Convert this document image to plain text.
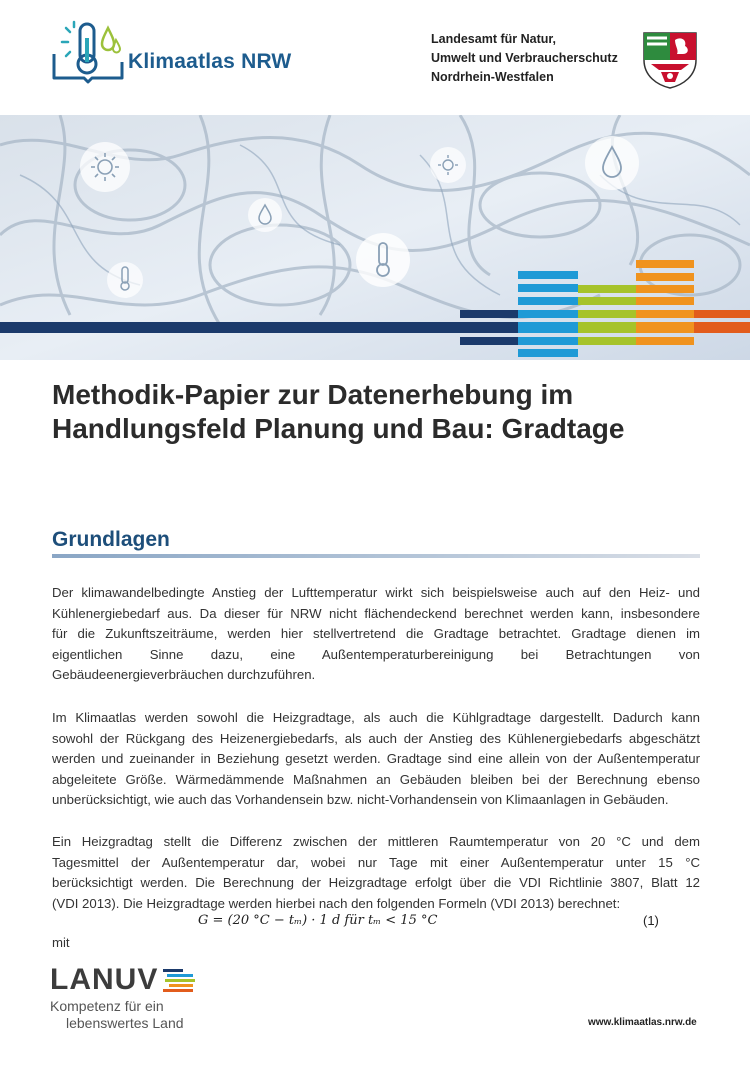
Klimaatlas NRW
Landesamt für Natur,
Umwelt und Verbraucherschutz
Nordrhein-Westfalen
Methodik-Papier zur Datenerhebung im
Handlungsfeld Planung und Bau: Gradtage
Grundlagen
Der klimawandelbedingte Anstieg der Lufttemperatur wirkt sich beispielsweise auch auf den Heiz- und
Kühlenergiebedarf aus. Da dieser für NRW nicht flächendeckend berechnet werden kann, insbesondere
für die Zukunftszeiträume, werden hier stellvertretend die Gradtage betrachtet. Gradtage dienen im
eigentlichen Sinne dazu, eine Außentemperaturbereinigung bei Betrachtungen von
Gebäudeenergieverbräuchen durchzuführen.
Im Klimaatlas werden sowohl die Heizgradtage, als auch die Kühlgradtage dargestellt. Dadurch kann
sowohl der Rückgang des Heizenergiebedarfs, als auch der Anstieg des Kühlenergiebedarfs abgeschätzt
werden und zueinander in Beziehung gesetzt werden. Gradtage sind eine allein von der Außentemperatur
abgeleitete Größe. Wärmedämmende Maßnahmen an Gebäuden bleiben bei der Berechnung ebenso
unberücksichtigt, wie auch das Vorhandensein bzw. nicht-Vorhandensein von Klimaanlagen in Gebäuden.
Ein Heizgradtag stellt die Differenz zwischen der mittleren Raumtemperatur von 20 °C und dem
Tagesmittel der Außentemperatur dar, wobei nur Tage mit einer Außentemperatur unter 15 °C
berücksichtigt werden. Die Berechnung der Heizgradtage erfolgt über die VDI Richtlinie 3807, Blatt 12
(VDI 2013). Die Heizgradtage werden hierbei nach den folgenden Formeln (VDI 2013) berechnet:
G = (20 °C − tₘ) · 1 d für tₘ < 15 °C	(1)
mit
LANUV
Kompetenz für ein
lebenswertes Land	www.klimaatlas.nrw.de
